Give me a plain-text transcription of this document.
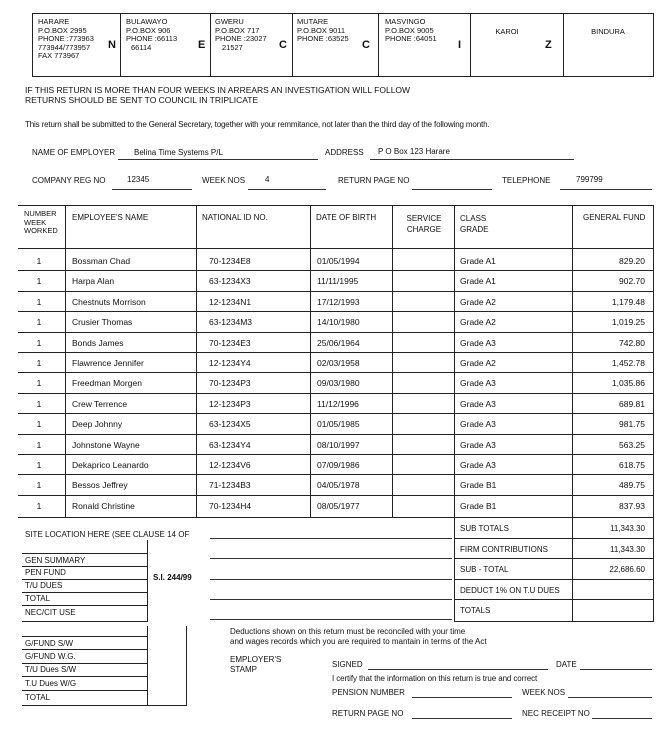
HARARE
P.O.BOX 2995
PHONE :773963
773944/773957
FAX 773967
N
BULAWAYO
P.O.BOX 906
PHONE :66113
66114	E
GWERU
P.O.BOX 717
PHONE :23027
21527	C
MUTARE
P.O.BOX 9011
PHONE :63525
C
MASVINGO
P.O.BOX 9005
PHONE :64051
I
KAROI
Z
BINDURA
IF THIS RETURN IS MORE THAN FOUR WEEKS IN ARREARS AN INVESTIGATION WILL FOLLOW
RETURNS SHOULD BE SENT TO COUNCIL IN TRIPLICATE
This return shall be submitted to the General Secretary, together with your remmitance, not later than the third day of the following month.
NAME OF EMPLOYER Belina Time Systems P/L	ADDRESS P O Box 123 Harare
COMPANY REG NO	12345	WEEK NOS 4	RETURN PAGE NO	TELEPHONE	799799
NUMBER
WEEK
WORKED
EMPLOYEE'S NAME	NATIONAL ID NO.	DATE OF BIRTH	SERVICE
CHARGE
CLASS
GRADE
GENERAL FUND
1	Bossman Chad	70-1234E8	01/05/1994	Grade A1	829.20
1	Harpa Alan	63-1234X3	11/11/1995	Grade A1	902.70
1	Chestnuts Morrison	12-1234N1	17/12/1993	Grade A2	1,179.48
1	Crusier Thomas	63-1234M3	14/10/1980	Grade A2	1,019.25
1	Bonds James	70-1234E3	25/06/1964	Grade A3	742.80
1	Flawrence Jennifer	12-1234Y4	02/03/1958	Grade A2	1,452.78
1	Freedman Morgen	70-1234P3	09/03/1980	Grade A3	1,035.86
1	Crew Terrence	12-1234P3	11/12/1996	Grade A3	689.81
1	Deep Johnny	63-1234X5	01/05/1985	Grade A3	981.75
1	Johnstone Wayne	63-1234Y4	08/10/1997	Grade A3	563.25
1	Dekaprico Leanardo	12-1234V6	07/09/1986	Grade A3	618.75
1	Bessos Jeffrey	71-1234B3	04/05/1978	Grade B1	489.75
1	Ronald Christine	70-1234H4	08/05/1977	Grade B1	837.93
SITE LOCATION HERE (SEE CLAUSE 14 OF
GEN SUMMARY
PEN FUND
T/U DUES
TOTAL
NEC/CIT USE
S.I. 244/99
SUB TOTALS	11,343.30
FIRM CONTRIBUTIONS	11,343.30
SUB - TOTAL	22,686.60
DEDUCT 1% ON T.U DUES
TOTALS
G/FUND S/W
G/FUND W.G.
T/U Dues S/W
T.U Dues W/G
TOTAL
Deductions shown on this return must be reconciled with your time
and wages records which you are required to mantain in terms of the Act
EMPLOYER'S
STAMP
SIGNED	DATE
I certify that the information on this return is true and correct
PENSION NUMBER	WEEK NOS
RETURN PAGE NO	NEC RECEIPT NO
